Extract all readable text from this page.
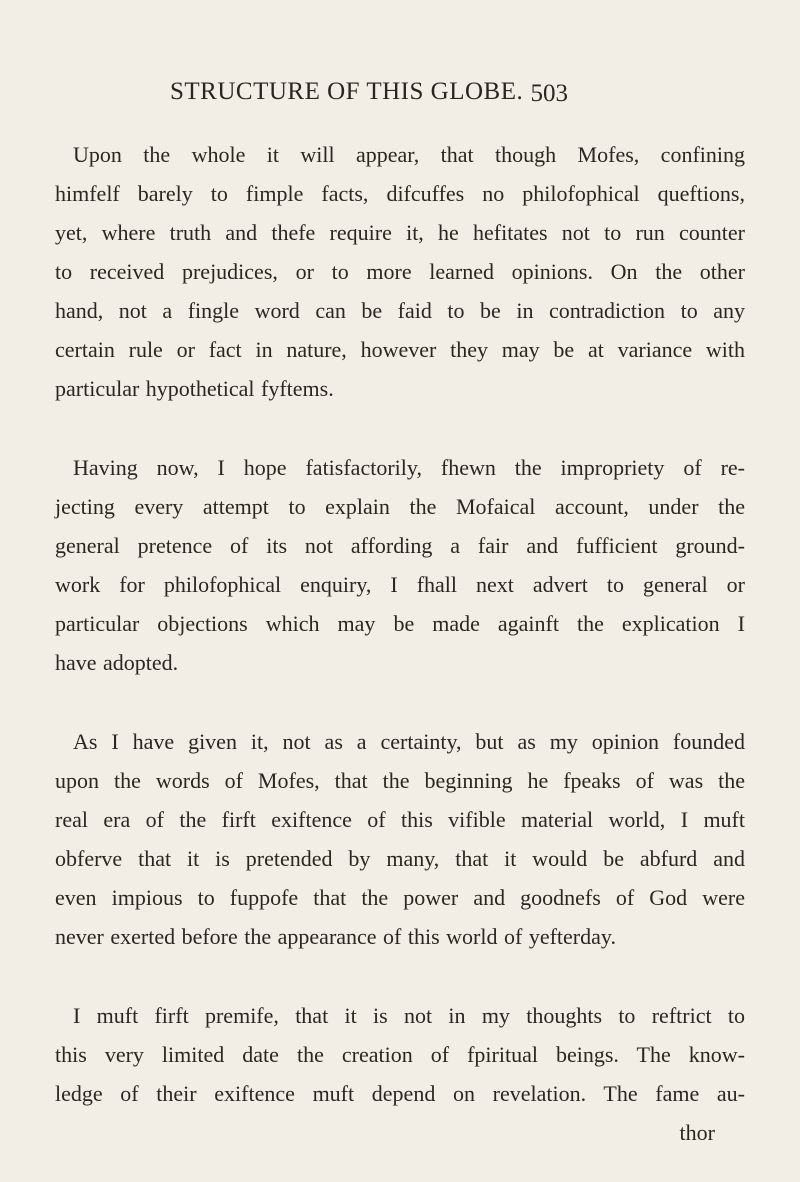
STRUCTURE OF THIS GLOBE. 503
Upon the whole it will appear, that though Mofes, confining
himfelf barely to fimple facts, difcuffes no philofophical queftions,
yet, where truth and thefe require it, he hefitates not to run counter
to received prejudices, or to more learned opinions. On the other
hand, not a fingle word can be faid to be in contradiction to any
certain rule or fact in nature, however they may be at variance with
particular hypothetical fyftems.
Having now, I hope fatisfactorily, fhewn the impropriety of re-
jecting every attempt to explain the Mofaical account, under the
general pretence of its not affording a fair and fufficient ground-
work for philofophical enquiry, I fhall next advert to general or
particular objections which may be made againft the explication I
have adopted.
As I have given it, not as a certainty, but as my opinion founded
upon the words of Mofes, that the beginning he fpeaks of was the
real era of the firft exiftence of this vifible material world, I muft
obferve that it is pretended by many, that it would be abfurd and
even impious to fuppofe that the power and goodnefs of God were
never exerted before the appearance of this world of yefterday.
I muft firft premife, that it is not in my thoughts to reftrict to
this very limited date the creation of fpiritual beings. The know-
ledge of their exiftence muft depend on revelation. The fame au-
thor
